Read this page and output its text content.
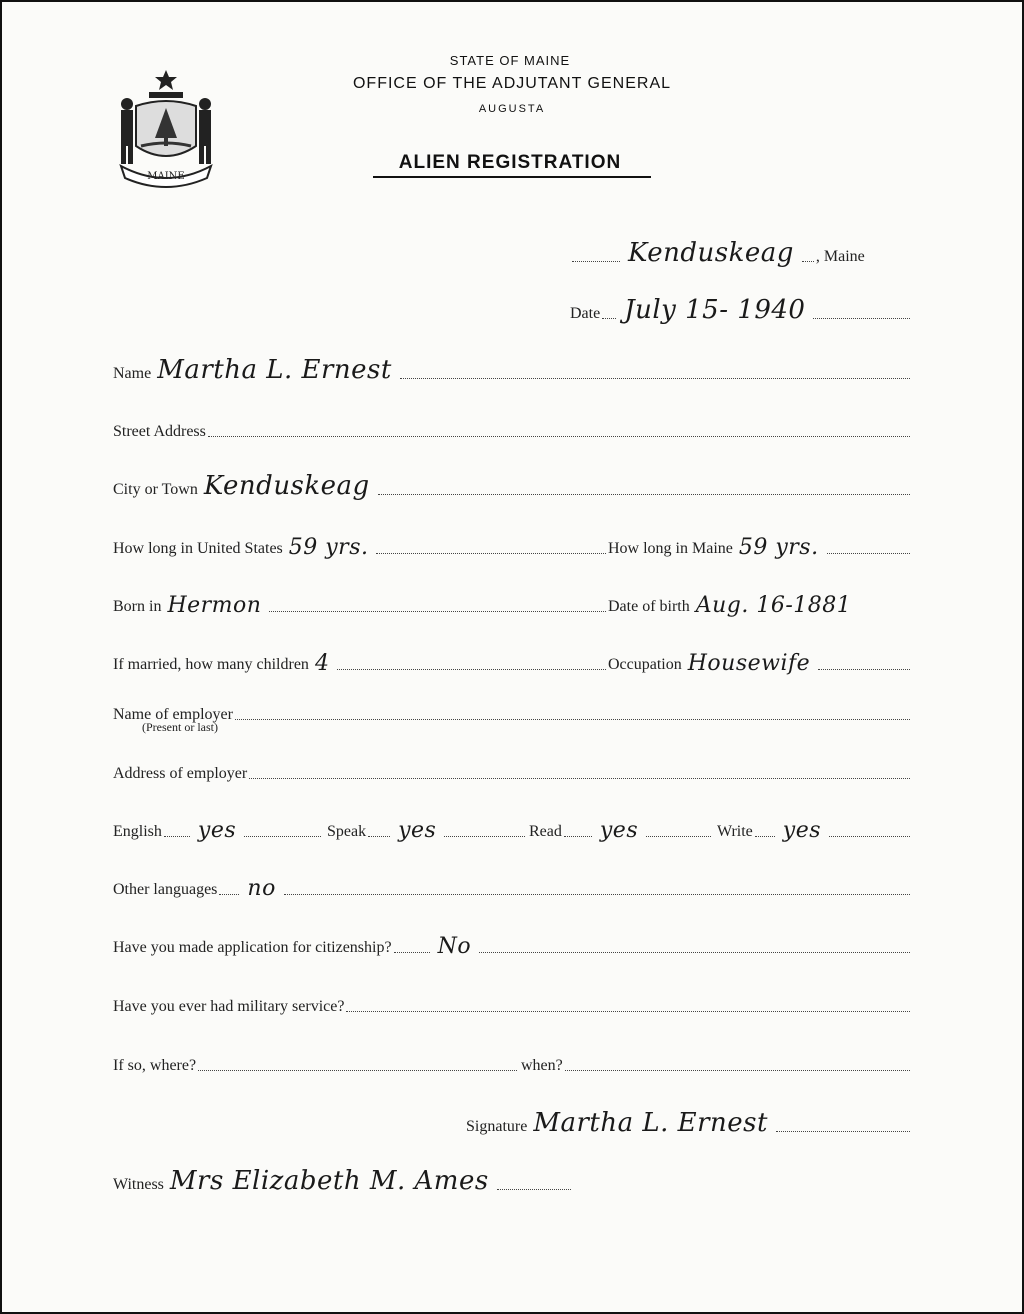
MAINE
STATE OF MAINE
OFFICE OF THE ADJUTANT GENERAL
AUGUSTA
ALIEN REGISTRATION
Kenduskeag , Maine
Date July 15- 1940
Name Martha L. Ernest
Street Address
City or Town Kenduskeag
How long in United States 59 yrs.	How long in Maine 59 yrs.
Born in Hermon	Date of birth Aug. 16-1881
If married, how many children 4	Occupation Housewife
Name of employer
(Present or last)
Address of employer
English yes	Speak yes	Read yes	Write yes
Other languages no
Have you made application for citizenship? No
Have you ever had military service?
If so, where?	when?
Signature Martha L. Ernest
Witness Mrs Elizabeth M. Ames
